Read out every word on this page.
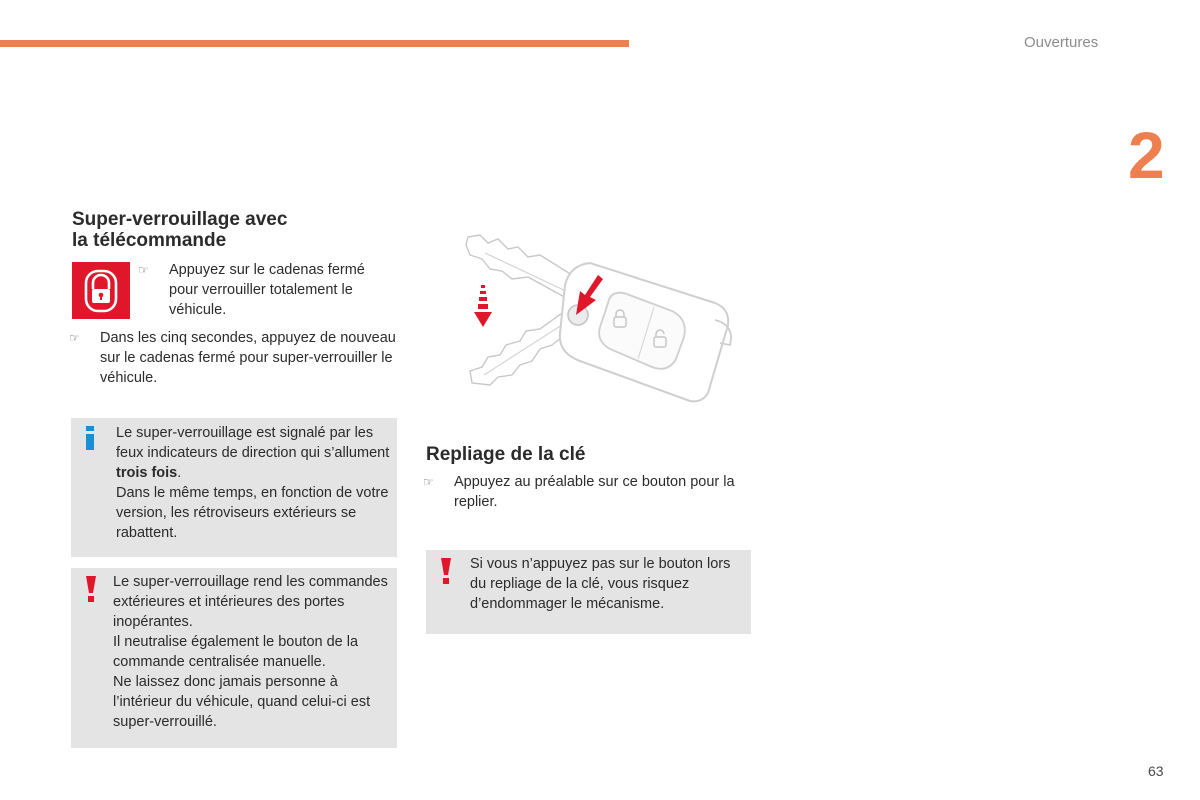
Ouvertures
2
Super-verrouillage avec
la télécommande
☞ Appuyez sur le cadenas fermé pour verrouiller totalement le véhicule.
☞ Dans les cinq secondes, appuyez de nouveau sur le cadenas fermé pour super-verrouiller le véhicule.

Le super-verrouillage est signalé par les feux indicateurs de direction qui s’allument trois fois.

Dans le même temps, en fonction de votre version, les rétroviseurs extérieurs se rabattent.

Le super-verrouillage rend les commandes extérieures et intérieures des portes inopérantes.

Il neutralise également le bouton de la commande centralisée manuelle.

Ne laissez donc jamais personne à l’intérieur du véhicule, quand celui-ci est super-verrouillé.

Repliage de la clé
☞ Appuyez au préalable sur ce bouton pour la replier.

Si vous n’appuyez pas sur le bouton lors du repliage de la clé, vous risquez d’endommager le mécanisme.

63
